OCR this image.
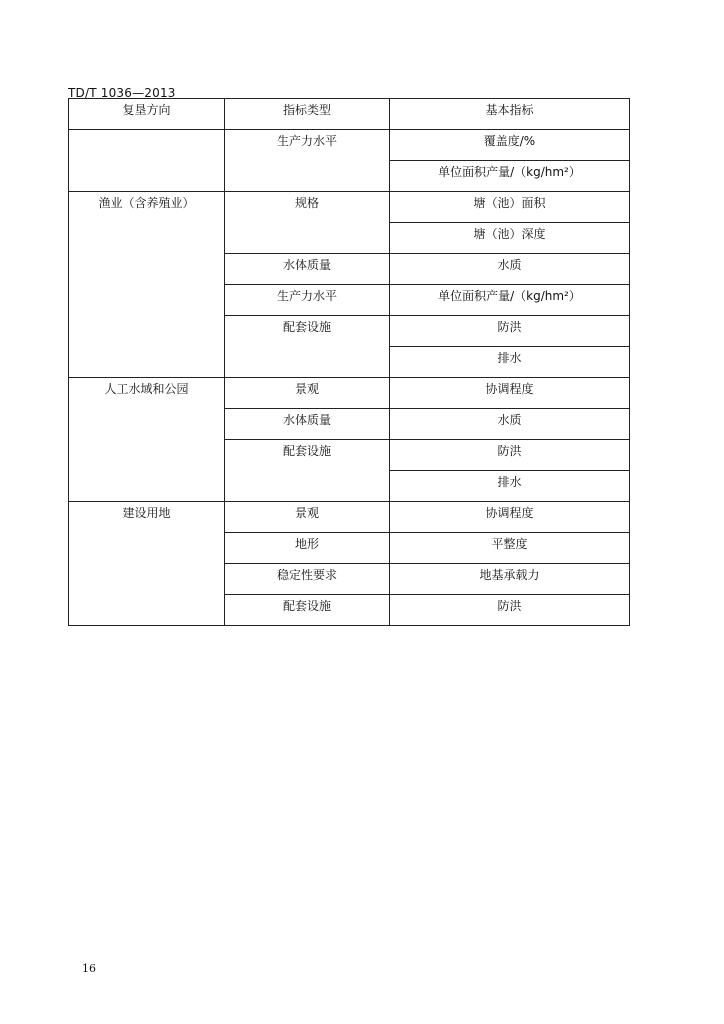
TD/T 1036—2013
复垦方向	指标类型	基本指标
	生产力水平	覆盖度/%
		单位面积产量/（kg/hm²）
渔业（含养殖业）	规格	塘（池）面积
		塘（池）深度
	水体质量	水质
	生产力水平	单位面积产量/（kg/hm²）
	配套设施	防洪
		排水
人工水域和公园	景观	协调程度
	水体质量	水质
	配套设施	防洪
		排水
建设用地	景观	协调程度
	地形	平整度
	稳定性要求	地基承载力
	配套设施	防洪
16
